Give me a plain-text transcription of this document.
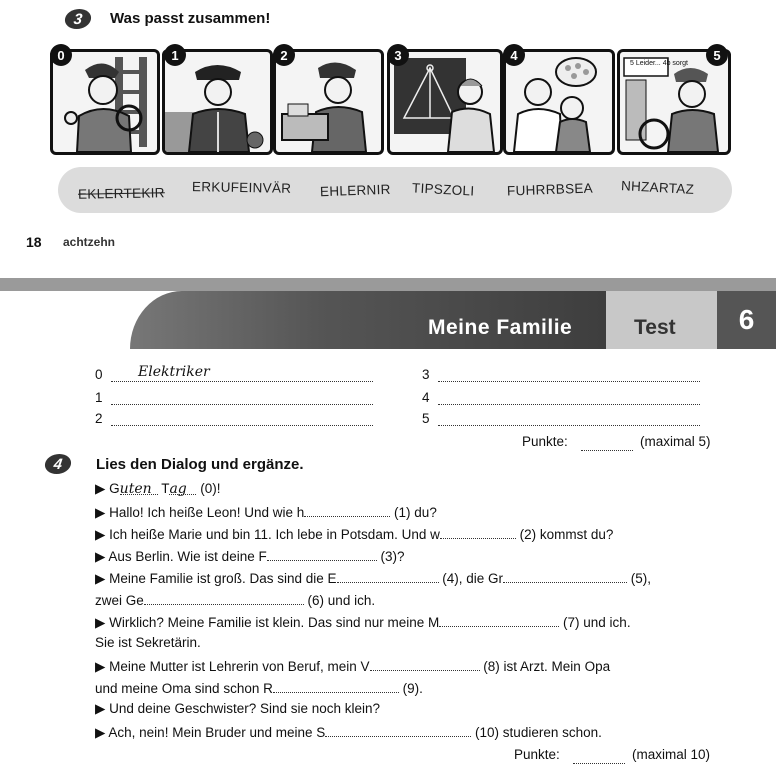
3	Was passt zusammen!
0	1	2	3	4
5 Leider... 4b sorgt
5
EKLERTEKIR ERKUFEINVÄR EHLERNIR TIPSZOLI FUHRRBSEA NHZARTAZ
18 achtzehn
Meine Familie	Test	6
0	Elektriker
1
2
3
4
5
Punkte:	(maximal 5)
4	Lies den Dialog und ergänze.
▶ Guten Tag (0)!
▶ Hallo! Ich heiße Leon! Und wie h	(1) du?
▶ Ich heiße Marie und bin 11. Ich lebe in Potsdam. Und w	(2) kommst du?
▶ Aus Berlin. Wie ist deine F	(3)?
▶ Meine Familie ist groß. Das sind die E	(4), die Gr	(5),
zwei Ge	(6) und ich.
▶ Wirklich? Meine Familie ist klein. Das sind nur meine M	(7) und ich.
Sie ist Sekretärin.
▶ Meine Mutter ist Lehrerin von Beruf, mein V	(8) ist Arzt. Mein Opa
und meine Oma sind schon R	(9).
▶ Und deine Geschwister? Sind sie noch klein?
▶ Ach, nein! Mein Bruder und meine S	(10) studieren schon.
Punkte:	(maximal 10)
